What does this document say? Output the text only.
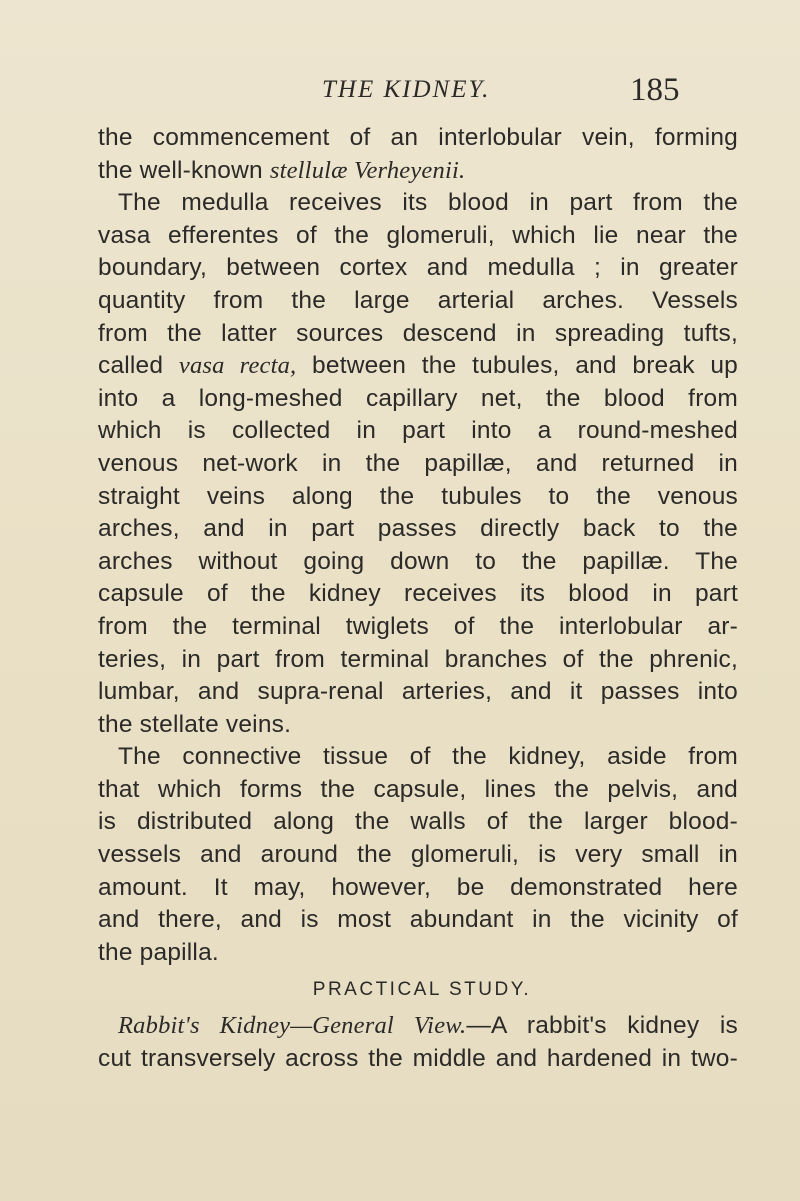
THE KIDNEY.	185
the commencement of an interlobular vein, forming
the well-known stellulæ Verheyenii.
The medulla receives its blood in part from the
vasa efferentes of the glomeruli, which lie near the
boundary, between cortex and medulla ; in greater
quantity from the large arterial arches. Vessels
from the latter sources descend in spreading tufts,
called vasa recta, between the tubules, and break up
into a long-meshed capillary net, the blood from
which is collected in part into a round-meshed
venous net-work in the papillæ, and returned in
straight veins along the tubules to the venous
arches, and in part passes directly back to the
arches without going down to the papillæ. The
capsule of the kidney receives its blood in part
from the terminal twiglets of the interlobular ar-
teries, in part from terminal branches of the phrenic,
lumbar, and supra-renal arteries, and it passes into
the stellate veins.
The connective tissue of the kidney, aside from
that which forms the capsule, lines the pelvis, and
is distributed along the walls of the larger blood-
vessels and around the glomeruli, is very small in
amount. It may, however, be demonstrated here
and there, and is most abundant in the vicinity of
the papilla.
PRACTICAL STUDY.
Rabbit's Kidney—General View.—A rabbit's kidney is
cut transversely across the middle and hardened in two-
